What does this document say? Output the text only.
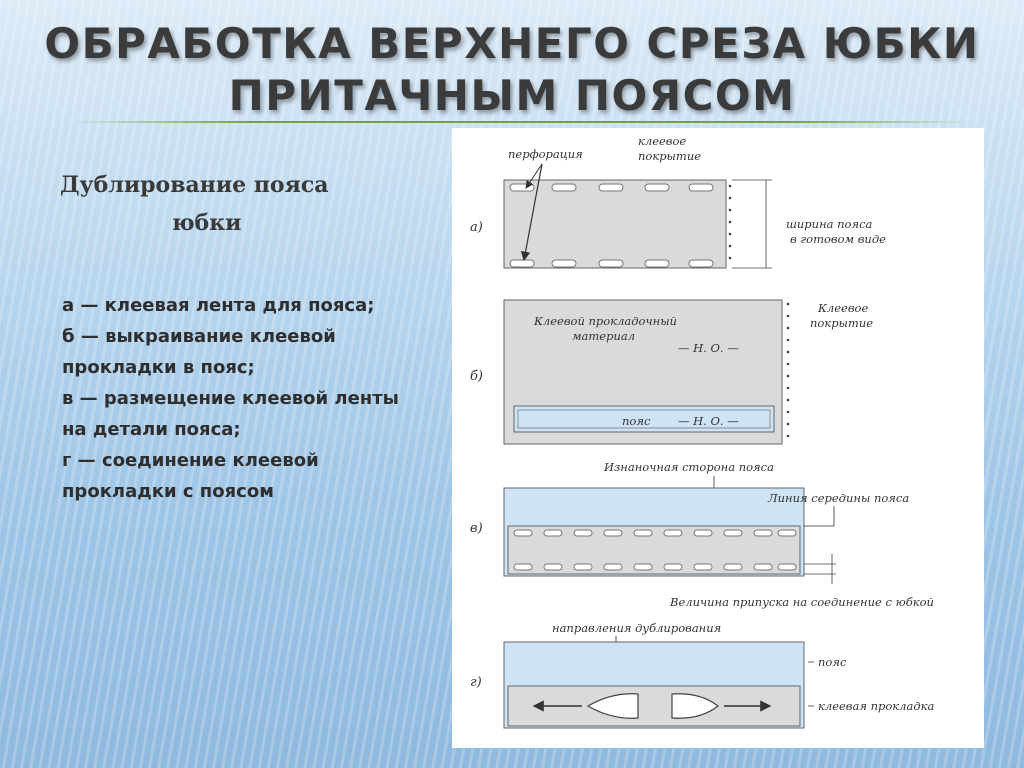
ОБРАБОТКА ВЕРХНЕГО СРЕЗА ЮБКИ
ПРИТАЧНЫМ ПОЯСОМ
Дублирование пояса
юбки
а — клеевая лента для пояса;
б — выкраивание клеевой прокладки в пояс;
в — размещение клеевой ленты на детали пояса;
г — соединение клеевой прокладки с поясом
а)
перфорация
клеевое
покрытие
ширина пояса
в готовом виде
б)
Клеевой прокладочный
материал
— Н. О. —
Клеевое
покрытие
пояс — Н. О. —
в)
Изнаночная сторона пояса
Линия середины пояса
Величина припуска на соединение с юбкой
г)
направления дублирования
пояс
клеевая прокладка
